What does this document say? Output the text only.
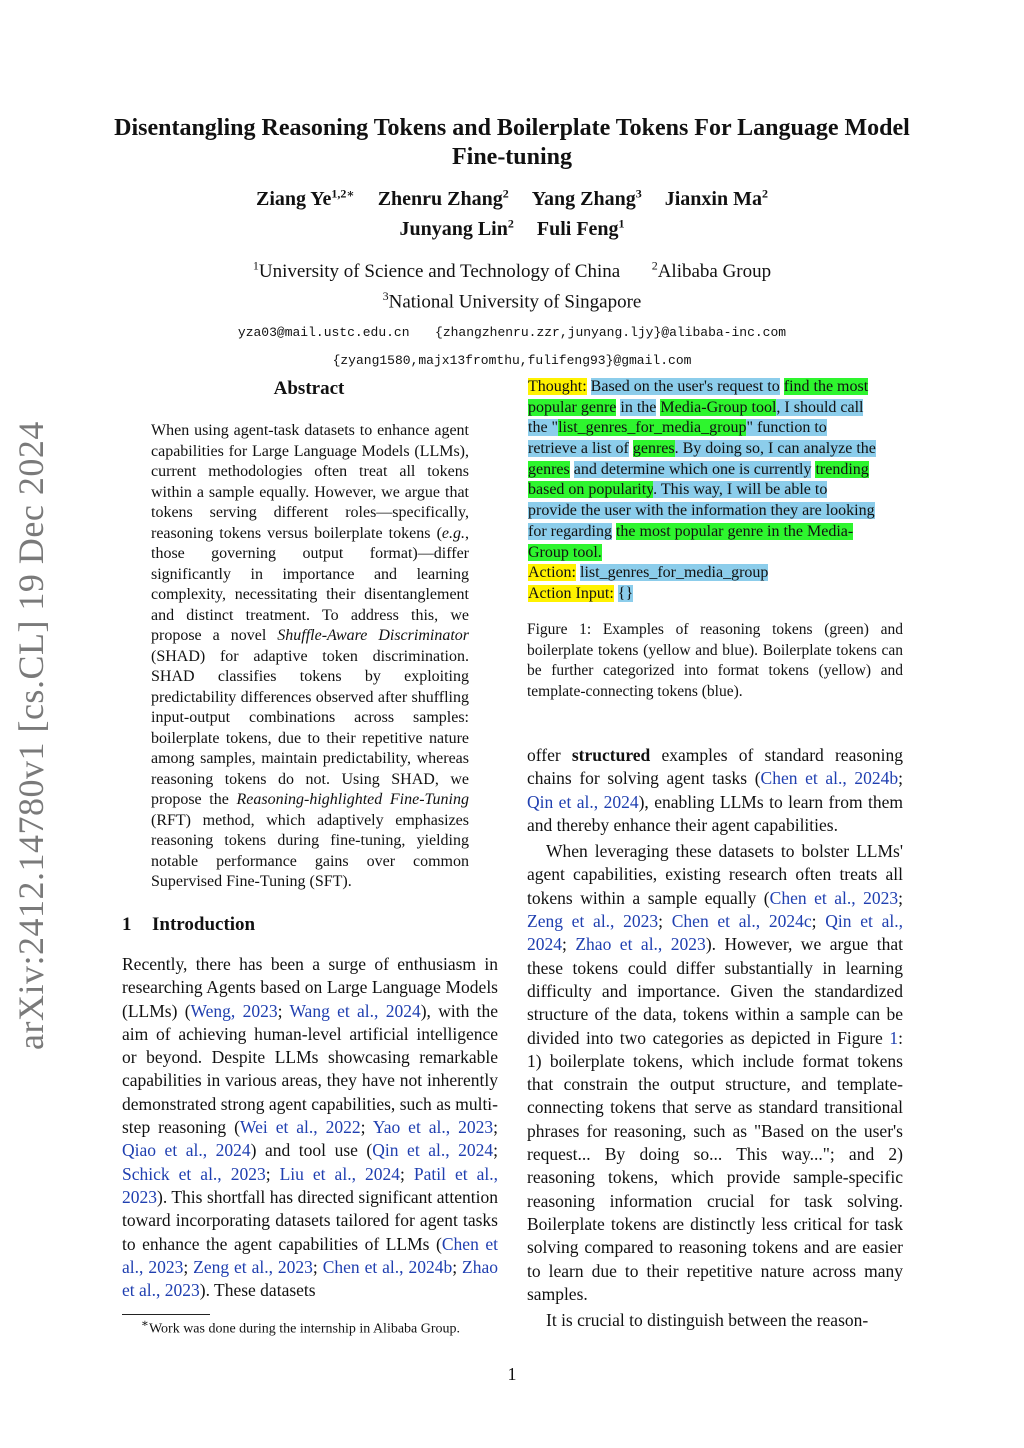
arXiv:2412.14780v1 [cs.CL] 19 Dec 2024
Disentangling Reasoning Tokens and Boilerplate Tokens For Language Model Fine-tuning
Ziang $Ye^{1,2∗}$ Zhenru Zhang$^2$ Yang Zhang$^3$ Jianxin Ma$^2$
Junyang Lin$^2$ Fuli Feng$^1$
$^1$University of Science and Technology of China	$^2$Alibaba Group
$^3$National University of Singapore
yza03@mail.ustc.edu.cn {zhangzhenru.zzr,junyang.ljy}@alibaba-inc.com
{zyang1580,majx13fromthu,fulifeng93}@gmail.com
Abstract
When using agent-task datasets to enhance agent capabilities for Large Language Models (LLMs), current methodologies often treat all tokens within a sample equally. However, we argue that tokens serving different roles—specifically, reasoning tokens versus boilerplate tokens (e.g., those governing output format)—differ significantly in importance and learning complexity, necessitating their disentanglement and distinct treatment. To address this, we propose a novel Shuffle-Aware Discriminator (SHAD) for adaptive token discrimination. SHAD classifies tokens by exploiting predictability differences observed after shuffling input-output combinations across samples: boilerplate tokens, due to their repetitive nature among samples, maintain predictability, whereas reasoning tokens do not. Using SHAD, we propose the Reasoning-highlighted Fine-Tuning (RFT) method, which adaptively emphasizes reasoning tokens during fine-tuning, yielding notable performance gains over common Supervised Fine-Tuning (SFT).
1 Introduction
Recently, there has been a surge of enthusiasm in researching Agents based on Large Language Models (LLMs) (Weng, 2023; Wang et al., 2024), with the aim of achieving human-level artificial intelligence or beyond. Despite LLMs showcasing remarkable capabilities in various areas, they have not inherently demonstrated strong agent capabilities, such as multi-step reasoning (Wei et al., 2022; Yao et al., 2023; Qiao et al., 2024) and tool use (Qin et al., 2024; Schick et al., 2023; Liu et al., 2024; Patil et al., 2023). This shortfall has directed significant attention toward incorporating datasets tailored for agent tasks to enhance the agent capabilities of LLMs (Chen et al., 2023; Zeng et al., 2023; Chen et al., 2024b; Zhao et al., 2023). These datasets
∗Work was done during the internship in Alibaba Group.
Thought: Based on the user's request to find the most
popular genre in the Media-Group tool, I should call
the "list_genres_for_media_group" function to
retrieve a list of genres. By doing so, I can analyze the
genres and determine which one is currently trending
based on popularity. This way, I will be able to
provide the user with the information they are looking
for regarding the most popular genre in the Media-
Group tool.
Action: list_genres_for_media_group
Action Input: {}
Figure 1: Examples of reasoning tokens (green) and boilerplate tokens (yellow and blue). Boilerplate tokens can be further categorized into format tokens (yellow) and template-connecting tokens (blue).

offer structured examples of standard reasoning chains for solving agent tasks (Chen et al., 2024b; Qin et al., 2024), enabling LLMs to learn from them and thereby enhance their agent capabilities.

When leveraging these datasets to bolster LLMs' agent capabilities, existing research often treats all tokens within a sample equally (Chen et al., 2023; Zeng et al., 2023; Chen et al., 2024c; Qin et al., 2024; Zhao et al., 2023). However, we argue that these tokens could differ substantially in learning difficulty and importance. Given the standardized structure of the data, tokens within a sample can be divided into two categories as depicted in Figure 1: 1) boilerplate tokens, which include format tokens that constrain the output structure, and template-connecting tokens that serve as standard transitional phrases for reasoning, such as "Based on the user's request... By doing so... This way..."; and 2) reasoning tokens, which provide sample-specific reasoning information crucial for task solving. Boilerplate tokens are distinctly less critical for task solving compared to reasoning tokens and are easier to learn due to their repetitive nature across many samples.

It is crucial to distinguish between the reason-

1
